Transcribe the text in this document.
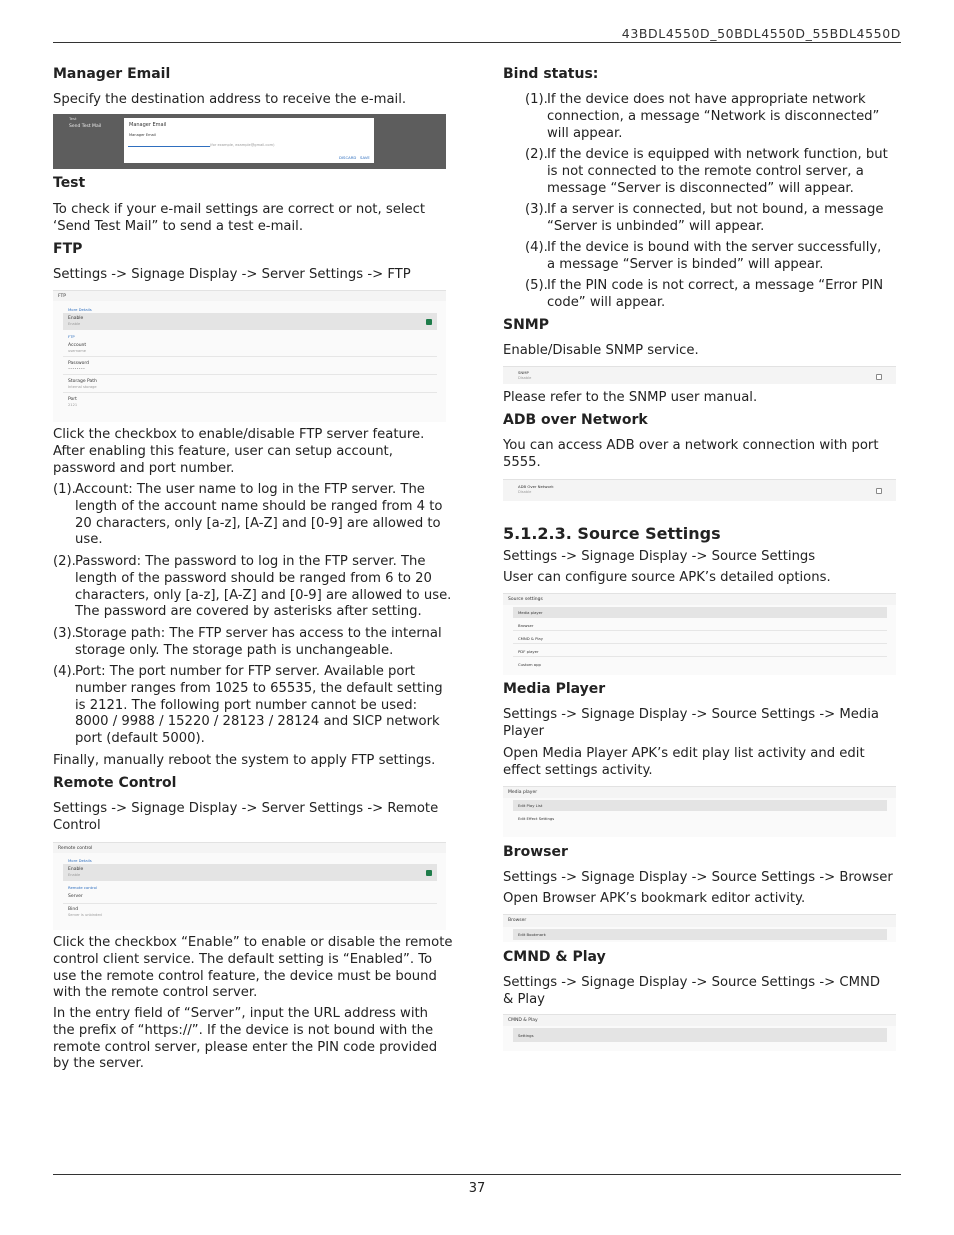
43BDL4550D_50BDL4550D_55BDL4550D
Manager Email
Specify the destination address to receive the e-mail.
Test
Send Test Mail	Manager Email
Manager Email
(for example, example@gmail.com)
DISCARD SAVE
Test
To check if your e-mail settings are correct or not, select ‘Send Test Mail” to send a test e-mail.
FTP
Settings -> Signage Display -> Server Settings -> FTP
FTP
More Details
Enable
Enable
FTP
Account
username
Password
••••••••
Storage Path
Internal storage
Port
2121
Click the checkbox to enable/disable FTP server feature. After enabling this feature, user can setup account, password and port number.
(1). Account: The user name to log in the FTP server. The length of the account name should be ranged from 4 to 20 characters, only [a-z], [A-Z] and [0-9] are allowed to use.
(2). Password: The password to log in the FTP server. The length of the password should be ranged from 6 to 20 characters, only [a-z], [A-Z] and [0-9] are allowed to use. The password are covered by asterisks after setting.
(3). Storage path: The FTP server has access to the internal storage only. The storage path is unchangeable.
(4). Port: The port number for FTP server. Available port number ranges from 1025 to 65535, the default setting is 2121. The following port number cannot be used: 8000 / 9988 / 15220 / 28123 / 28124 and SICP network port (default 5000).
Finally, manually reboot the system to apply FTP settings.
Remote Control
Settings -> Signage Display -> Server Settings -> Remote Control
Remote control
More Details
Enable
Enable
Remote control
Server
Bind
Server is unbinded
Click the checkbox “Enable” to enable or disable the remote control client service. The default setting is “Enabled”. To use the remote control feature, the device must be bound with the remote control server.
In the entry field of “Server”, input the URL address with the prefix of “https://”. If the device is not bound with the remote control server, please enter the PIN code provided by the server.
Bind status:
(1). If the device does not have appropriate network connection, a message “Network is disconnected” will appear.
(2). If the device is equipped with network function, but is not connected to the remote control server, a message “Server is disconnected” will appear.
(3). If a server is connected, but not bound, a message “Server is unbinded” will appear.
(4). If the device is bound with the server successfully, a message “Server is binded” will appear.
(5). If the PIN code is not correct, a message “Error PIN code” will appear.
SNMP
Enable/Disable SNMP service.
SNMP
Disable
Please refer to the SNMP user manual.
ADB over Network
You can access ADB over a network connection with port 5555.
ADB Over Network
Disable
5.1.2.3. Source Settings
Settings -> Signage Display -> Source Settings
User can configure source APK’s detailed options.
Source settings
Media player
Browser
CMND & Play
PDF player
Custom app
Media Player
Settings -> Signage Display -> Source Settings -> Media Player
Open Media Player APK’s edit play list activity and edit effect settings activity.
Media player
Edit Play List
Edit Effect Settings
Browser
Settings -> Signage Display -> Source Settings -> Browser
Open Browser APK’s bookmark editor activity.
Browser
Edit Bookmark
CMND & Play
Settings -> Signage Display -> Source Settings -> CMND & Play
CMND & Play
Settings
37
